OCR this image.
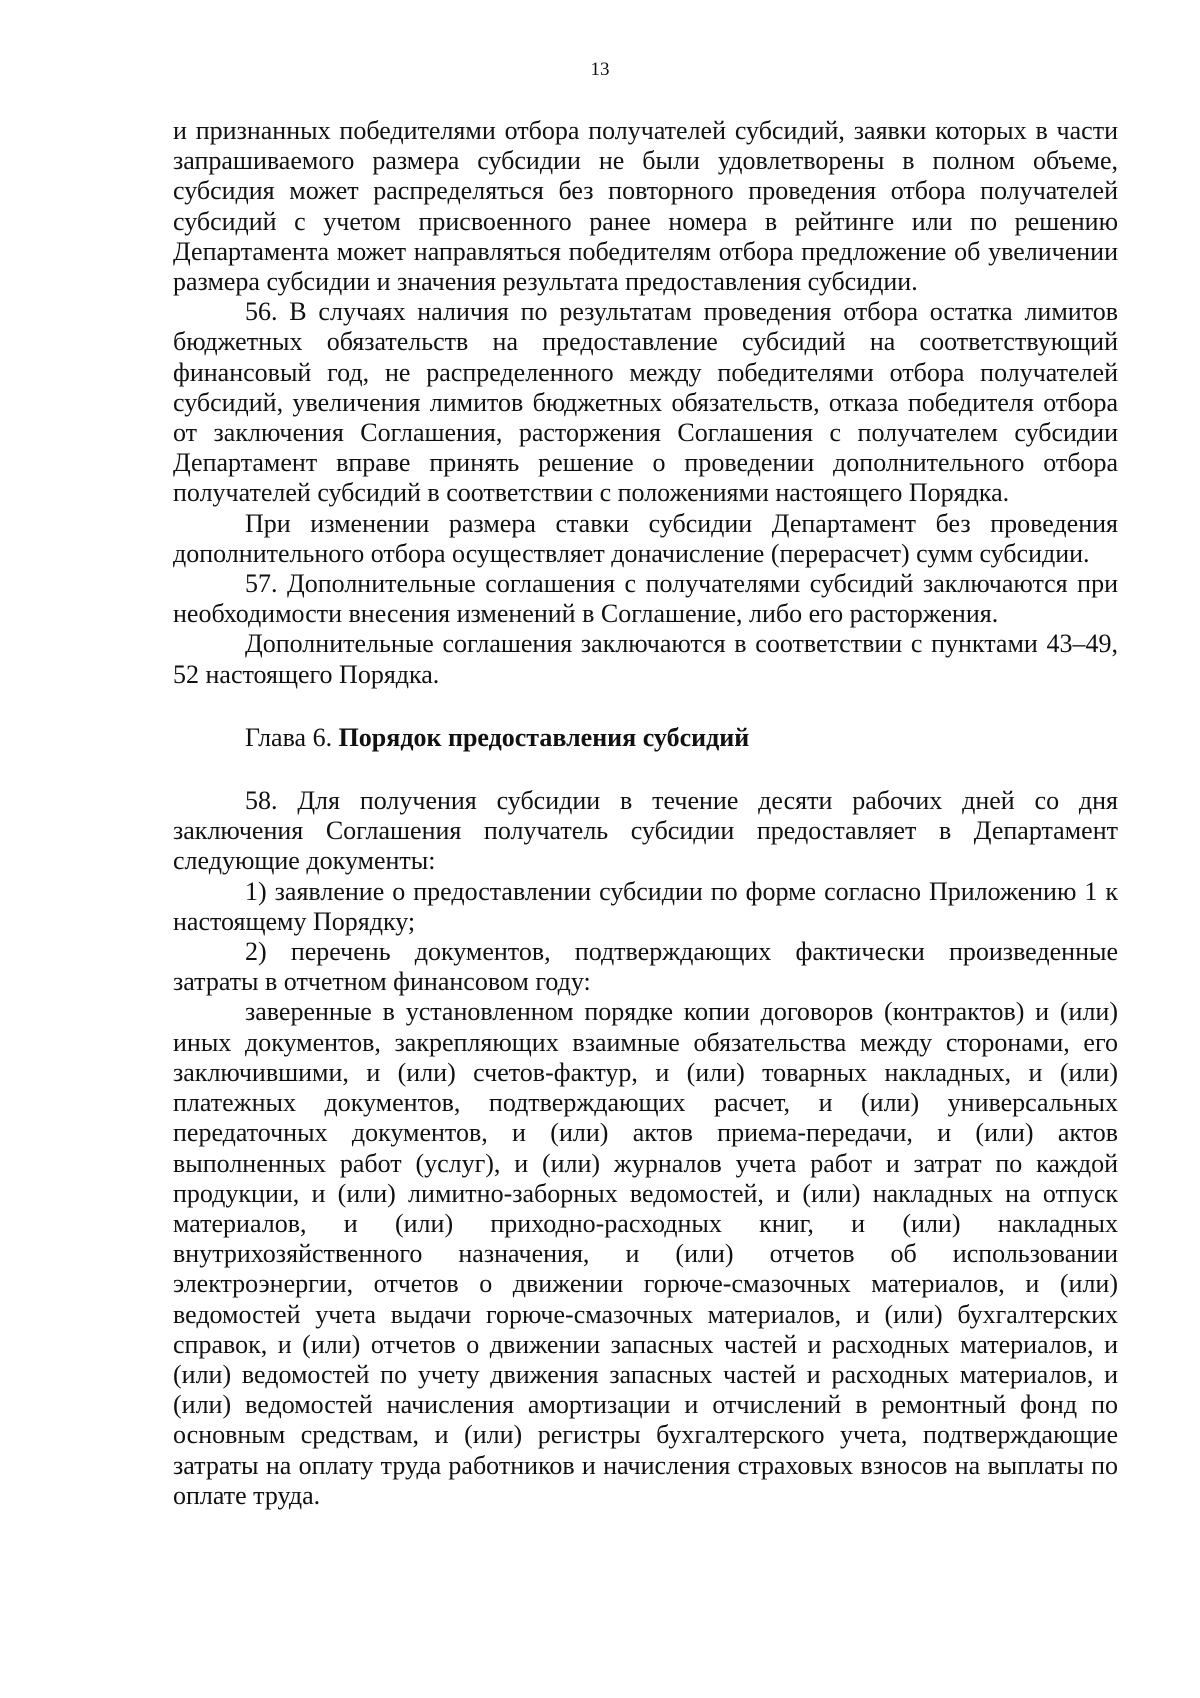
13

и признанных победителями отбора получателей субсидий, заявки которых в части запрашиваемого размера субсидии не были удовлетворены в полном объеме, субсидия может распределяться без повторного проведения отбора получателей субсидий с учетом присвоенного ранее номера в рейтинге или по решению Департамента может направляться победителям отбора предложение об увеличении размера субсидии и значения результата предоставления субсидии.

56. В случаях наличия по результатам проведения отбора остатка лимитов бюджетных обязательств на предоставление субсидий на соответствующий финансовый год, не распределенного между победителями отбора получателей субсидий, увеличения лимитов бюджетных обязательств, отказа победителя отбора от заключения Соглашения, расторжения Соглашения с получателем субсидии Департамент вправе принять решение о проведении дополнительного отбора получателей субсидий в соответствии с положениями настоящего Порядка.

При изменении размера ставки субсидии Департамент без проведения дополнительного отбора осуществляет доначисление (перерасчет) сумм субсидии.

57. Дополнительные соглашения с получателями субсидий заключаются при необходимости внесения изменений в Соглашение, либо его расторжения.

Дополнительные соглашения заключаются в соответствии с пунктами 43–49, 52 настоящего Порядка.

Глава 6. Порядок предоставления субсидий

58. Для получения субсидии в течение десяти рабочих дней со дня заключения Соглашения получатель субсидии предоставляет в Департамент следующие документы:

1) заявление о предоставлении субсидии по форме согласно Приложению 1 к настоящему Порядку;

2) перечень документов, подтверждающих фактически произведенные затраты в отчетном финансовом году:

заверенные в установленном порядке копии договоров (контрактов) и (или) иных документов, закрепляющих взаимные обязательства между сторонами, его заключившими, и (или) счетов-фактур, и (или) товарных накладных, и (или) платежных документов, подтверждающих расчет, и (или) универсальных передаточных документов, и (или) актов приема-передачи, и (или) актов выполненных работ (услуг), и (или) журналов учета работ и затрат по каждой продукции, и (или) лимитно-заборных ведомостей, и (или) накладных на отпуск материалов, и (или) приходно-расходных книг, и (или) накладных внутрихозяйственного назначения, и (или) отчетов об использовании электроэнергии, отчетов о движении горюче-смазочных материалов, и (или) ведомостей учета выдачи горюче-смазочных материалов, и (или) бухгалтерских справок, и (или) отчетов о движении запасных частей и расходных материалов, и (или) ведомостей по учету движения запасных частей и расходных материалов, и (или) ведомостей начисления амортизации и отчислений в ремонтный фонд по основным средствам, и (или) регистры бухгалтерского учета, подтверждающие затраты на оплату труда работников и начисления страховых взносов на выплаты по оплате труда.
